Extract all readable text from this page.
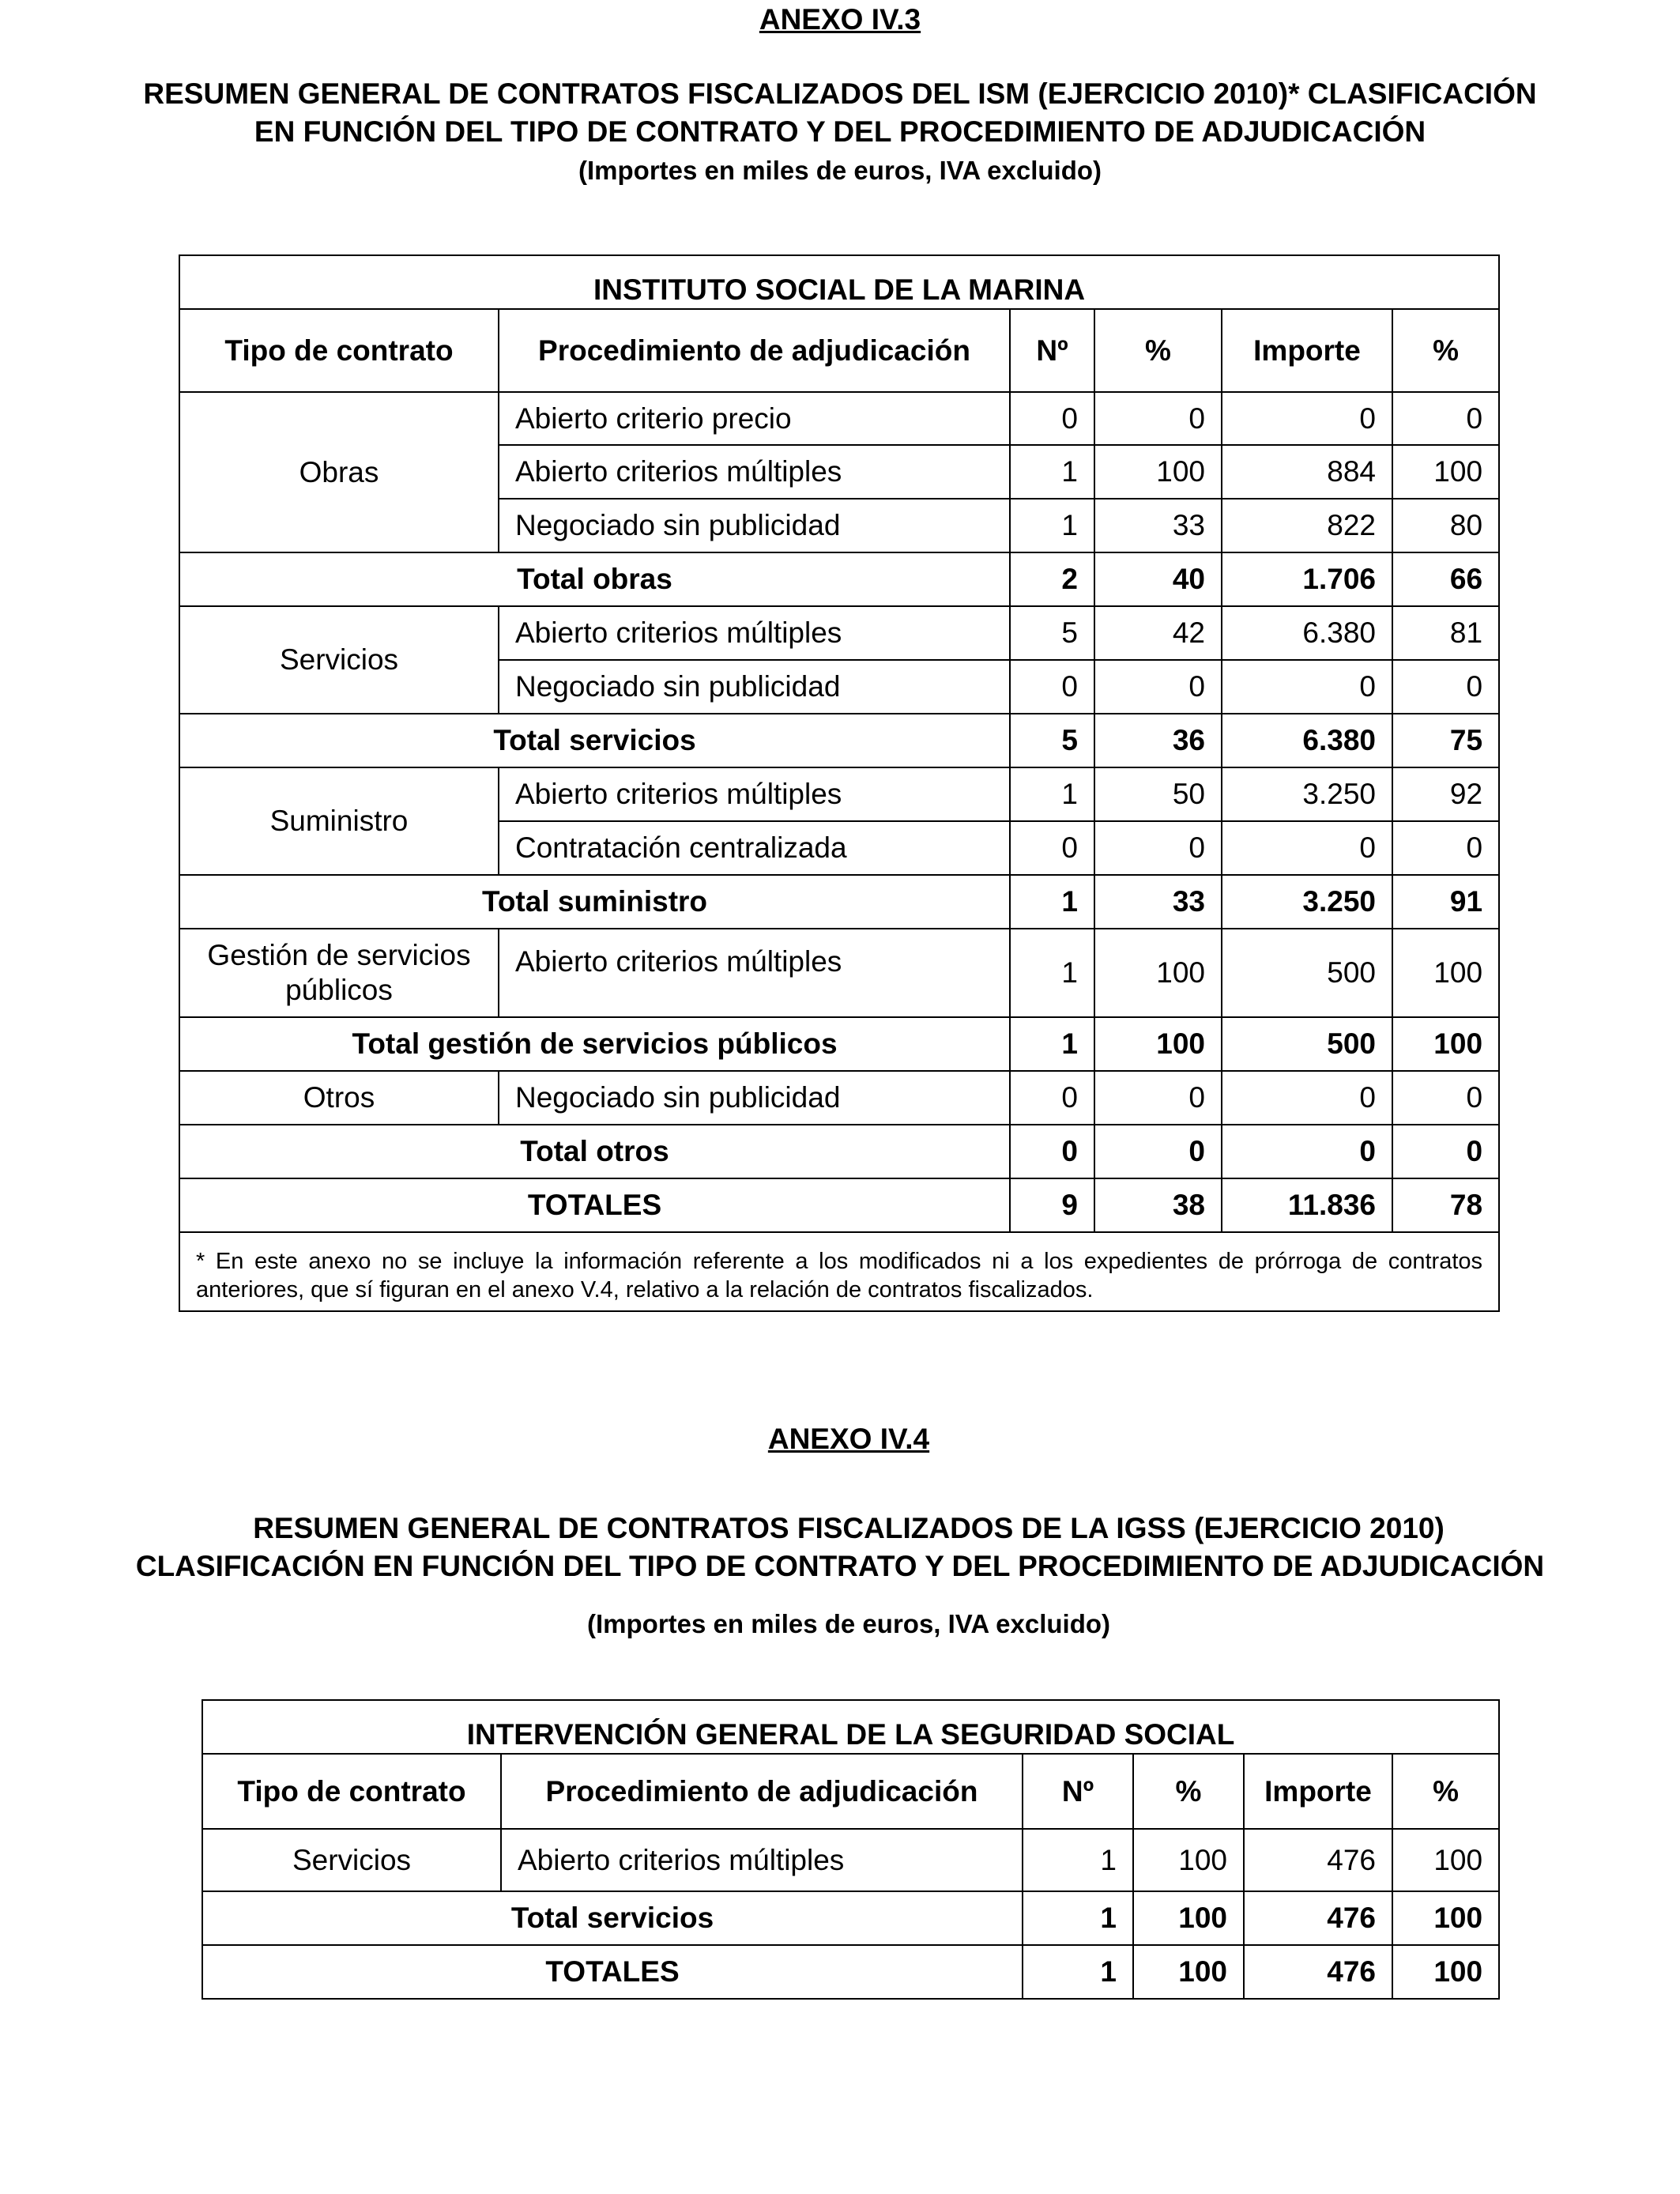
ANEXO IV.3
RESUMEN GENERAL DE CONTRATOS FISCALIZADOS DEL ISM (EJERCICIO 2010)* CLASIFICACIÓN
EN FUNCIÓN DEL TIPO DE CONTRATO Y DEL PROCEDIMIENTO DE ADJUDICACIÓN
(Importes en miles de euros, IVA excluido)
INSTITUTO SOCIAL DE LA MARINA					
Tipo de contrato	Procedimiento de adjudicación	Nº	%	Importe	%
Obras	Abierto criterio precio	0	0	0	0
	Abierto criterios múltiples	1	100	884	100
	Negociado sin publicidad	1	33	822	80
Total obras		2	40	1.706	66
Servicios	Abierto criterios múltiples	5	42	6.380	81
	Negociado sin publicidad	0	0	0	0
Total servicios		5	36	6.380	75
Suministro	Abierto criterios múltiples	1	50	3.250	92
	Contratación centralizada	0	0	0	0
Total suministro		1	33	3.250	91
Gestión de servicios públicos	Abierto criterios múltiples	1	100	500	100
Total gestión de servicios públicos		1	100	500	100
Otros	Negociado sin publicidad	0	0	0	0
Total otros		0	0	0	0
TOTALES		9	38	11.836	78
* En este anexo no se incluye la información referente a los modificados ni a los expedientes de prórroga de contratos anteriores, que sí figuran en el anexo V.4, relativo a la relación de contratos fiscalizados.					
ANEXO IV.4
RESUMEN GENERAL DE CONTRATOS FISCALIZADOS DE LA IGSS (EJERCICIO 2010)
CLASIFICACIÓN EN FUNCIÓN DEL TIPO DE CONTRATO Y DEL PROCEDIMIENTO DE ADJUDICACIÓN
(Importes en miles de euros, IVA excluido)
INTERVENCIÓN GENERAL DE LA SEGURIDAD SOCIAL					
Tipo de contrato	Procedimiento de adjudicación	Nº	%	Importe	%
Servicios	Abierto criterios múltiples	1	100	476	100
Total servicios		1	100	476	100
TOTALES		1	100	476	100
